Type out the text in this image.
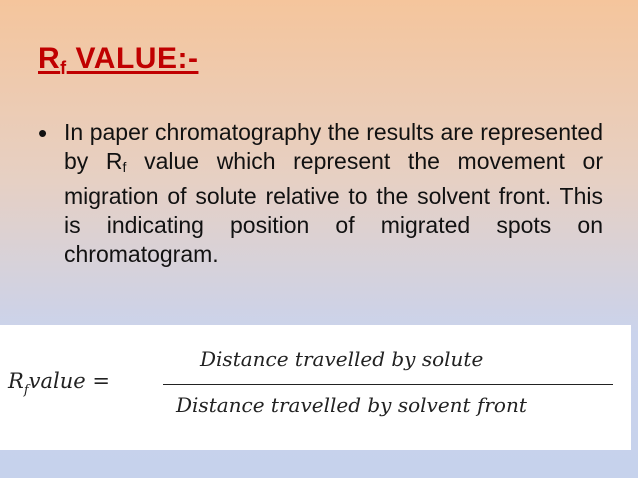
$R_f$ VALUE:-
• In paper chromatography the results are represented by $R_f$ value which represent the movement or migration of solute relative to the solvent front. This is indicating position of migrated spots on chromatogram.
$R_fvalue$ =
Distance travelled by solute
Distance travelled by solvent front
